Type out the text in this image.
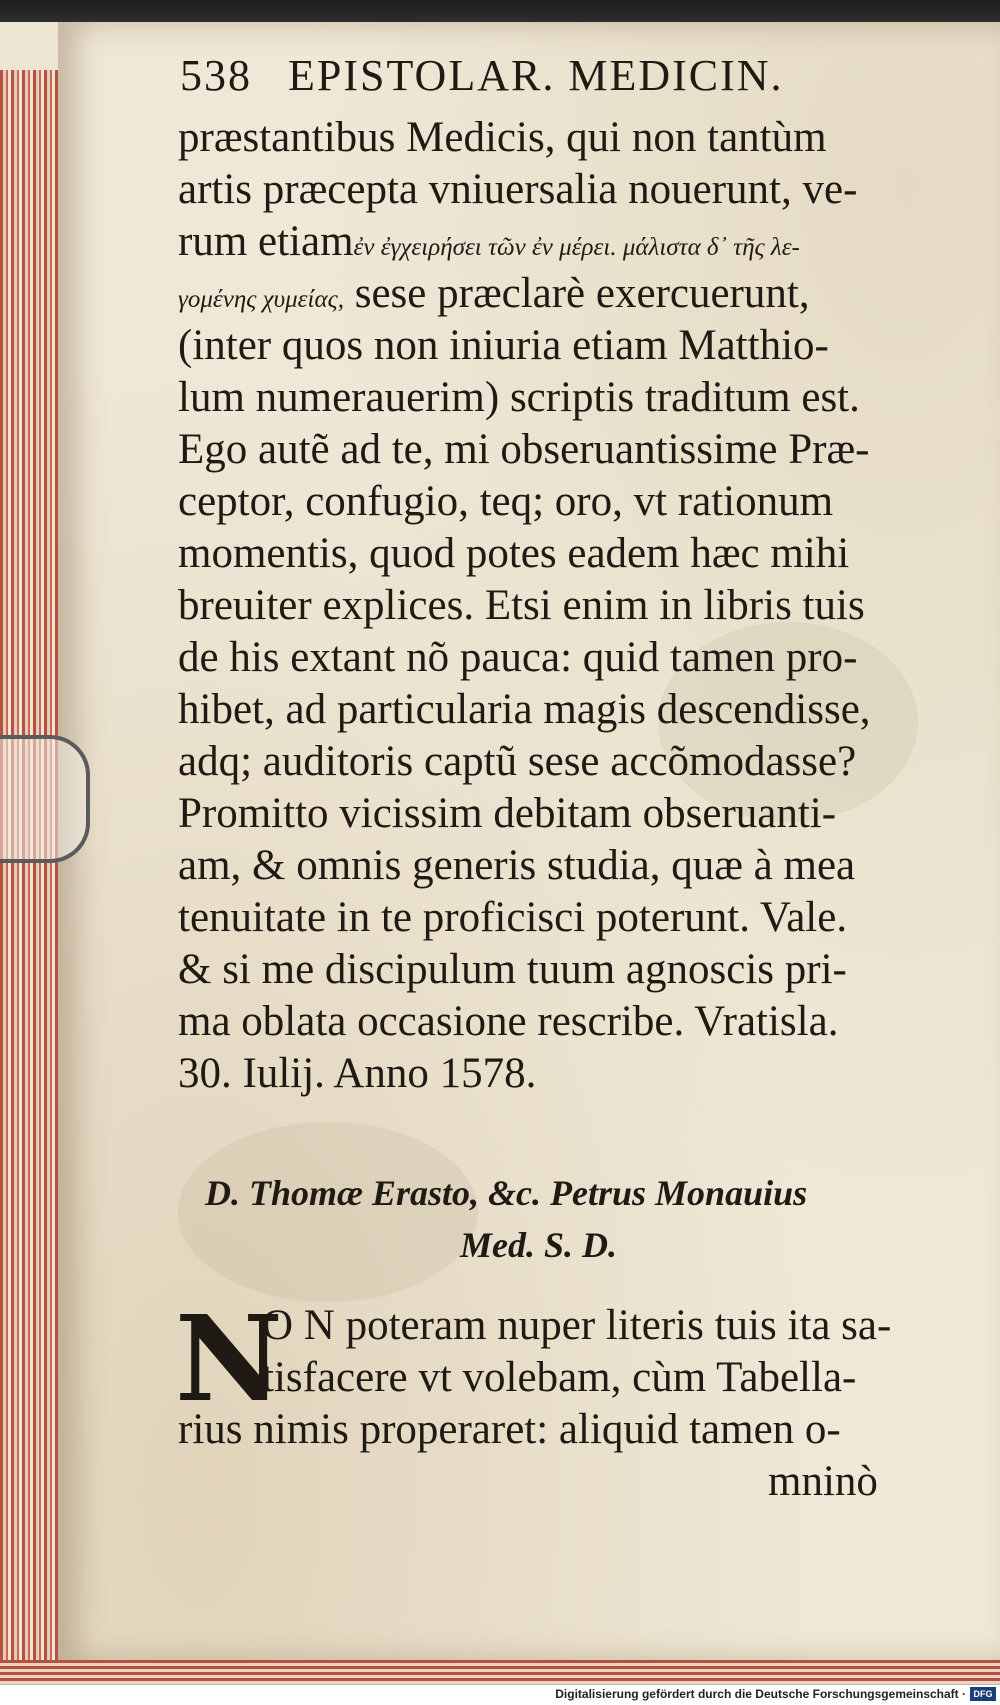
538 EPISTOLAR. MEDICIN.
præstantibus Medicis, qui non tantùm
artis præcepta vniuersalia nouerunt, ve-
rum etiamἐν ἐγχειρήσει τῶν ἐν μέρει. μάλιστα δ᾽ τῆς λε-
γομένης χυμείας, sese præclarè exercuerunt,
(inter quos non iniuria etiam Matthio-
lum numerauerim) scriptis traditum est.
Ego autẽ ad te, mi obseruantissime Præ-
ceptor, confugio, teq; oro, vt rationum
momentis, quod potes eadem hæc mihi
breuiter explices. Etsi enim in libris tuis
de his extant nõ pauca: quid tamen pro-
hibet, ad particularia magis descendisse,
adq; auditoris captũ sese accõmodasse?
Promitto vicissim debitam obseruanti-
am, & omnis generis studia, quæ à mea
tenuitate in te proficisci poterunt. Vale.
& si me discipulum tuum agnoscis pri-
ma oblata occasione rescribe. Vratisla.
30. Iulij. Anno 1578.
D. Thomæ Erasto, &c. Petrus Monauius
Med. S. D.
N
O N poteram nuper literis tuis ita sa-
tisfacere vt volebam, cùm Tabella-
rius nimis properaret: aliquid tamen o-
mninò
Digitalisierung gefördert durch die Deutsche Forschungsgemeinschaft · DFG
